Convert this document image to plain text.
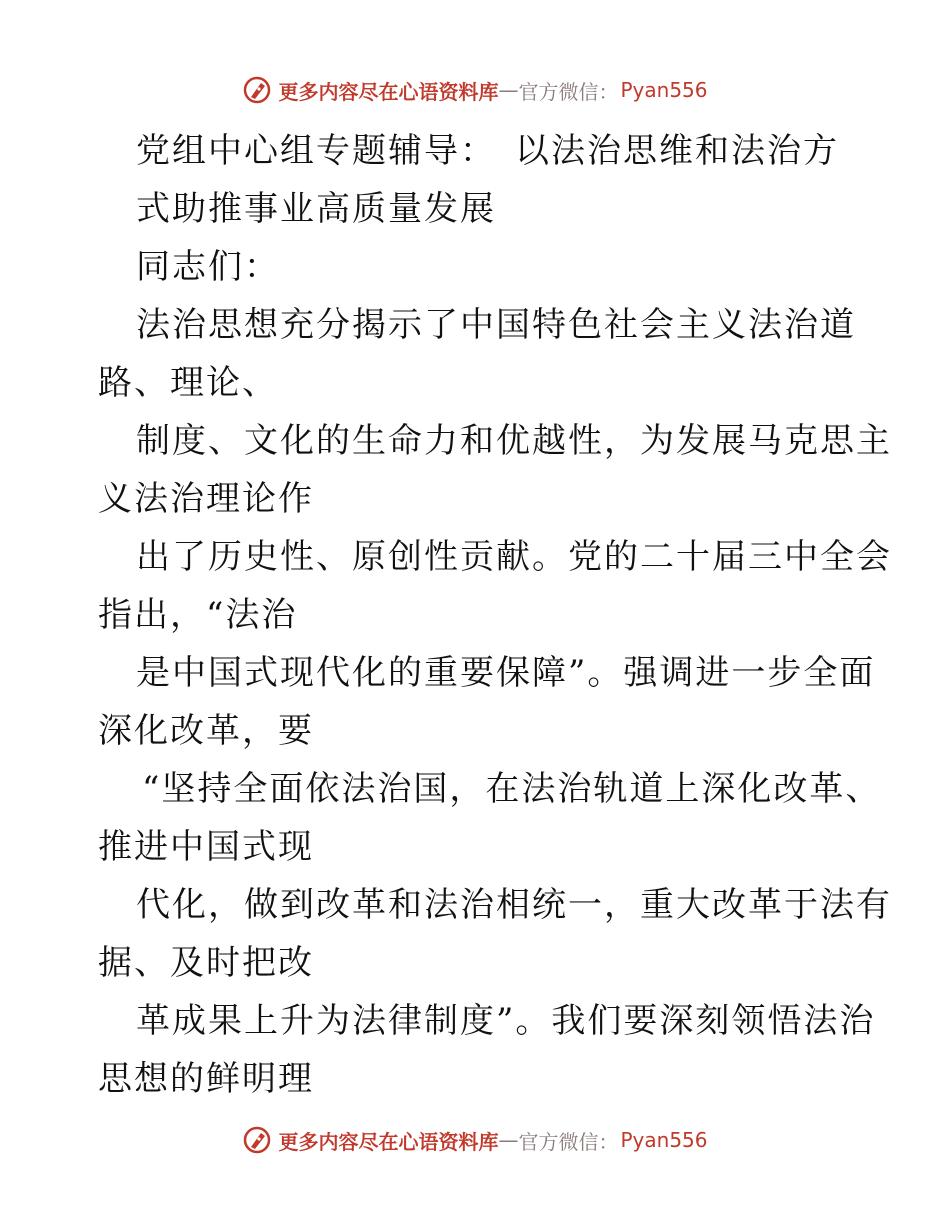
更多内容尽在心语资料库 — 官方微信： Pyan556
党组中心组专题辅导：　以法治思维和法治方
式助推事业高质量发展
同志们：
法治思想充分揭示了中国特色社会主义法治道
路、理论、
制度、文化的生命力和优越性，为发展马克思主
义法治理论作
出了历史性、原创性贡献。党的二十届三中全会
指出，“法治
是中国式现代化的重要保障”。强调进一步全面
深化改革，要
“坚持全面依法治国，在法治轨道上深化改革、
推进中国式现
代化，做到改革和法治相统一，重大改革于法有
据、及时把改
革成果上升为法律制度”。我们要深刻领悟法治
思想的鲜明理
更多内容尽在心语资料库 — 官方微信： Pyan556
